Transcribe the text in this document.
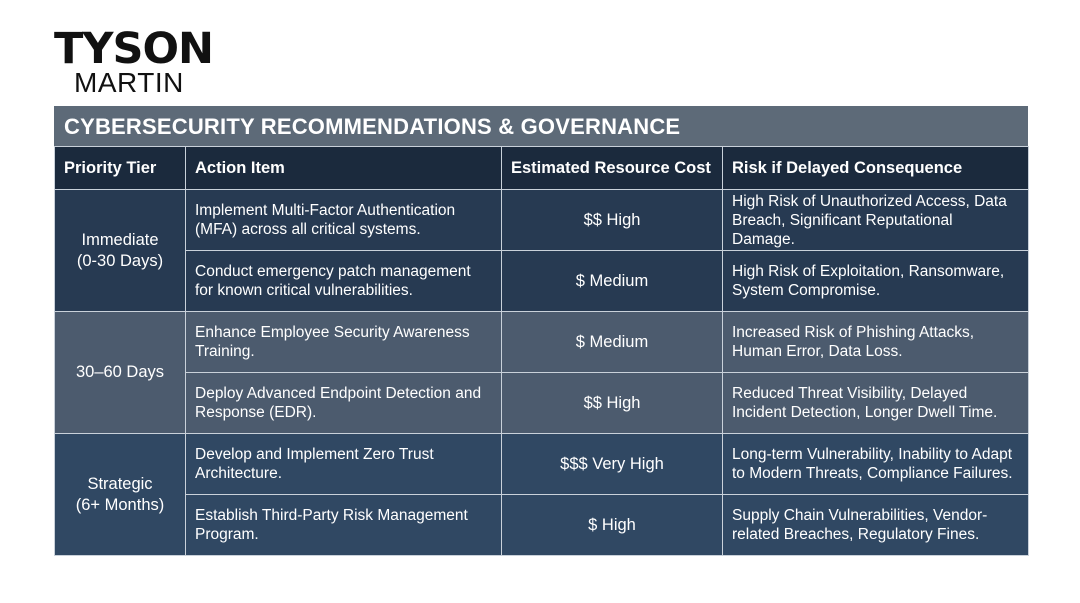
TYSON
MARTIN
CYBERSECURITY RECOMMENDATIONS & GOVERNANCE
Priority Tier	Action Item	Estimated Resource Cost	Risk if Delayed Consequence
Immediate
(0-30 Days)	Implement Multi-Factor Authentication (MFA) across all critical systems.	$$ High	High Risk of Unauthorized Access, Data Breach, Significant Reputational Damage.
	Conduct emergency patch management for known critical vulnerabilities.	$ Medium	High Risk of Exploitation, Ransomware, System Compromise.
30–60 Days	Enhance Employee Security Awareness Training.	$ Medium	Increased Risk of Phishing Attacks, Human Error, Data Loss.
	Deploy Advanced Endpoint Detection and Response (EDR).	$$ High	Reduced Threat Visibility, Delayed Incident Detection, Longer Dwell Time.
Strategic
(6+ Months)	Develop and Implement Zero Trust Architecture.	$$$ Very High	Long-term Vulnerability, Inability to Adapt to Modern Threats, Compliance Failures.
	Establish Third-Party Risk Management Program.	$ High	Supply Chain Vulnerabilities, Vendor-related Breaches, Regulatory Fines.
